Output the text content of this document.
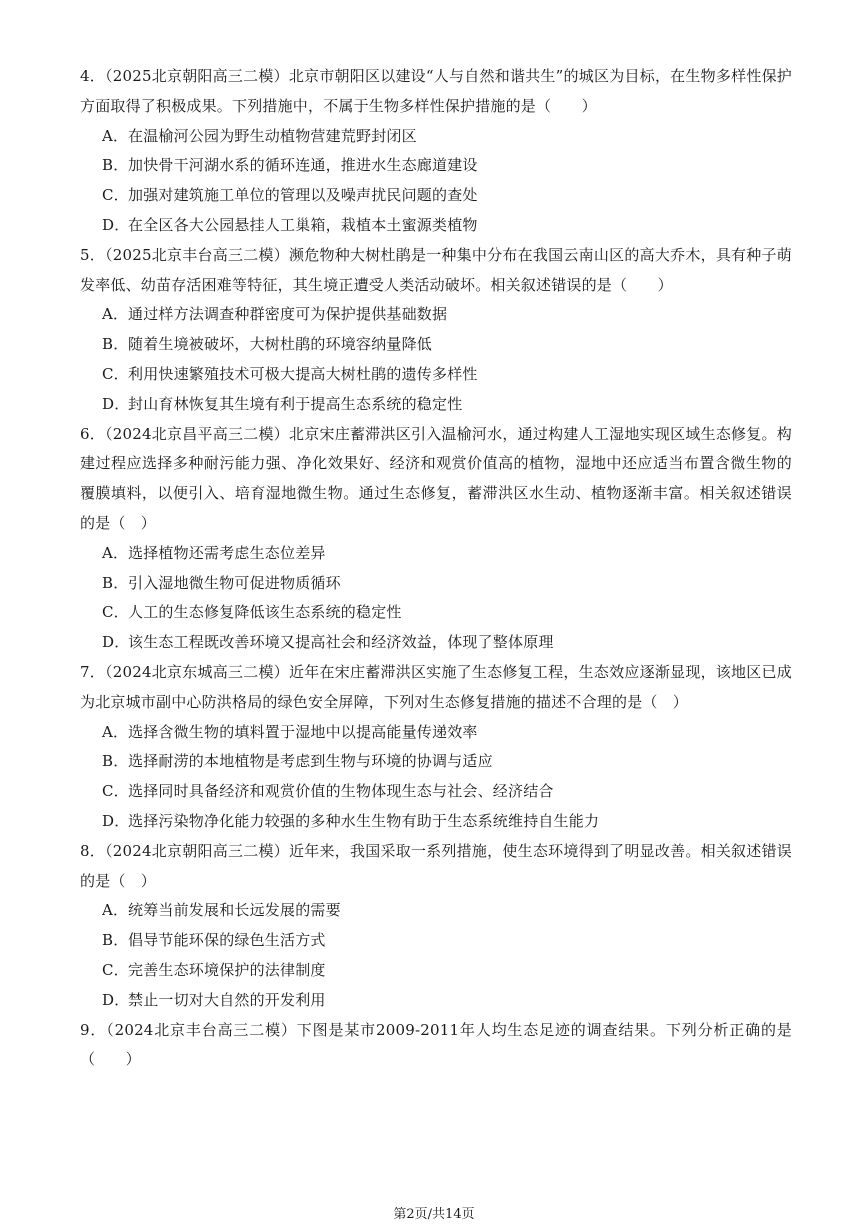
4．（2025北京朝阳高三二模）北京市朝阳区以建设“人与自然和谐共生”的城区为目标，在生物多样性保护方面取得了积极成果。下列措施中，不属于生物多样性保护措施的是（　　）

A．在温榆河公园为野生动植物营建荒野封闭区
B．加快骨干河湖水系的循环连通，推进水生态廊道建设
C．加强对建筑施工单位的管理以及噪声扰民问题的查处
D．在全区各大公园悬挂人工巢箱，栽植本土蜜源类植物

5．（2025北京丰台高三二模）濒危物种大树杜鹃是一种集中分布在我国云南山区的高大乔木，具有种子萌发率低、幼苗存活困难等特征，其生境正遭受人类活动破坏。相关叙述错误的是（　　）

A．通过样方法调查种群密度可为保护提供基础数据
B．随着生境被破坏，大树杜鹃的环境容纳量降低
C．利用快速繁殖技术可极大提高大树杜鹃的遗传多样性
D．封山育林恢复其生境有利于提高生态系统的稳定性

6．（2024北京昌平高三二模）北京宋庄蓄滞洪区引入温榆河水，通过构建人工湿地实现区域生态修复。构建过程应选择多种耐污能力强、净化效果好、经济和观赏价值高的植物，湿地中还应适当布置含微生物的覆膜填料，以便引入、培育湿地微生物。通过生态修复，蓄滞洪区水生动、植物逐渐丰富。相关叙述错误的是（　）

A．选择植物还需考虑生态位差异
B．引入湿地微生物可促进物质循环
C．人工的生态修复降低该生态系统的稳定性
D．该生态工程既改善环境又提高社会和经济效益，体现了整体原理

7．（2024北京东城高三二模）近年在宋庄蓄滞洪区实施了生态修复工程，生态效应逐渐显现，该地区已成为北京城市副中心防洪格局的绿色安全屏障，下列对生态修复措施的描述不合理的是（　）

A．选择含微生物的填料置于湿地中以提高能量传递效率
B．选择耐涝的本地植物是考虑到生物与环境的协调与适应
C．选择同时具备经济和观赏价值的生物体现生态与社会、经济结合
D．选择污染物净化能力较强的多种水生生物有助于生态系统维持自生能力

8．（2024北京朝阳高三二模）近年来，我国采取一系列措施，使生态环境得到了明显改善。相关叙述错误的是（　）

A．统筹当前发展和长远发展的需要
B．倡导节能环保的绿色生活方式
C．完善生态环境保护的法律制度
D．禁止一切对大自然的开发利用

9．（2024北京丰台高三二模）下图是某市2009-2011年人均生态足迹的调查结果。下列分析正确的是（　　）

第2页/共14页
